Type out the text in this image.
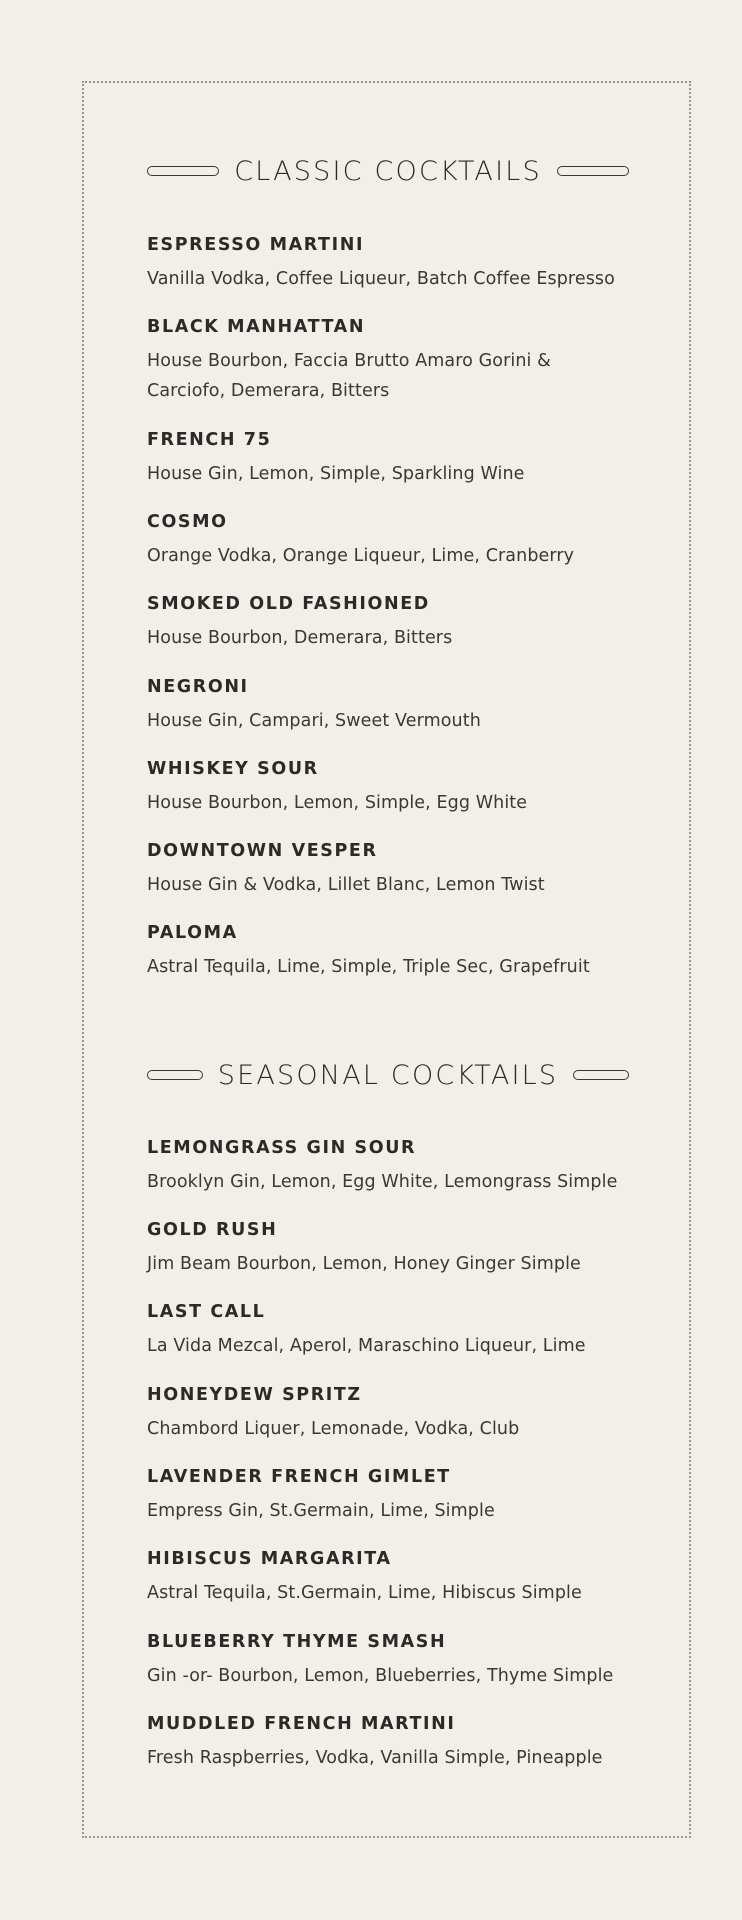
CLASSIC COCKTAILS
ESPRESSO MARTINI
Vanilla Vodka, Coffee Liqueur, Batch Coffee Espresso
BLACK MANHATTAN
House Bourbon, Faccia Brutto Amaro Gorini & Carciofo, Demerara, Bitters
FRENCH 75
House Gin, Lemon, Simple, Sparkling Wine
COSMO
Orange Vodka, Orange Liqueur, Lime, Cranberry
SMOKED OLD FASHIONED
House Bourbon, Demerara, Bitters
NEGRONI
House Gin, Campari, Sweet Vermouth
WHISKEY SOUR
House Bourbon, Lemon, Simple, Egg White
DOWNTOWN VESPER
House Gin & Vodka, Lillet Blanc, Lemon Twist
PALOMA
Astral Tequila, Lime, Simple, Triple Sec, Grapefruit
SEASONAL COCKTAILS
LEMONGRASS GIN SOUR
Brooklyn Gin, Lemon, Egg White, Lemongrass Simple
GOLD RUSH
Jim Beam Bourbon, Lemon, Honey Ginger Simple
LAST CALL
La Vida Mezcal, Aperol, Maraschino Liqueur, Lime
HONEYDEW SPRITZ
Chambord Liquer, Lemonade, Vodka, Club
LAVENDER FRENCH GIMLET
Empress Gin, St.Germain, Lime, Simple
HIBISCUS MARGARITA
Astral Tequila, St.Germain, Lime, Hibiscus Simple
BLUEBERRY THYME SMASH
Gin -or- Bourbon, Lemon, Blueberries, Thyme Simple
MUDDLED FRENCH MARTINI
Fresh Raspberries, Vodka, Vanilla Simple, Pineapple
